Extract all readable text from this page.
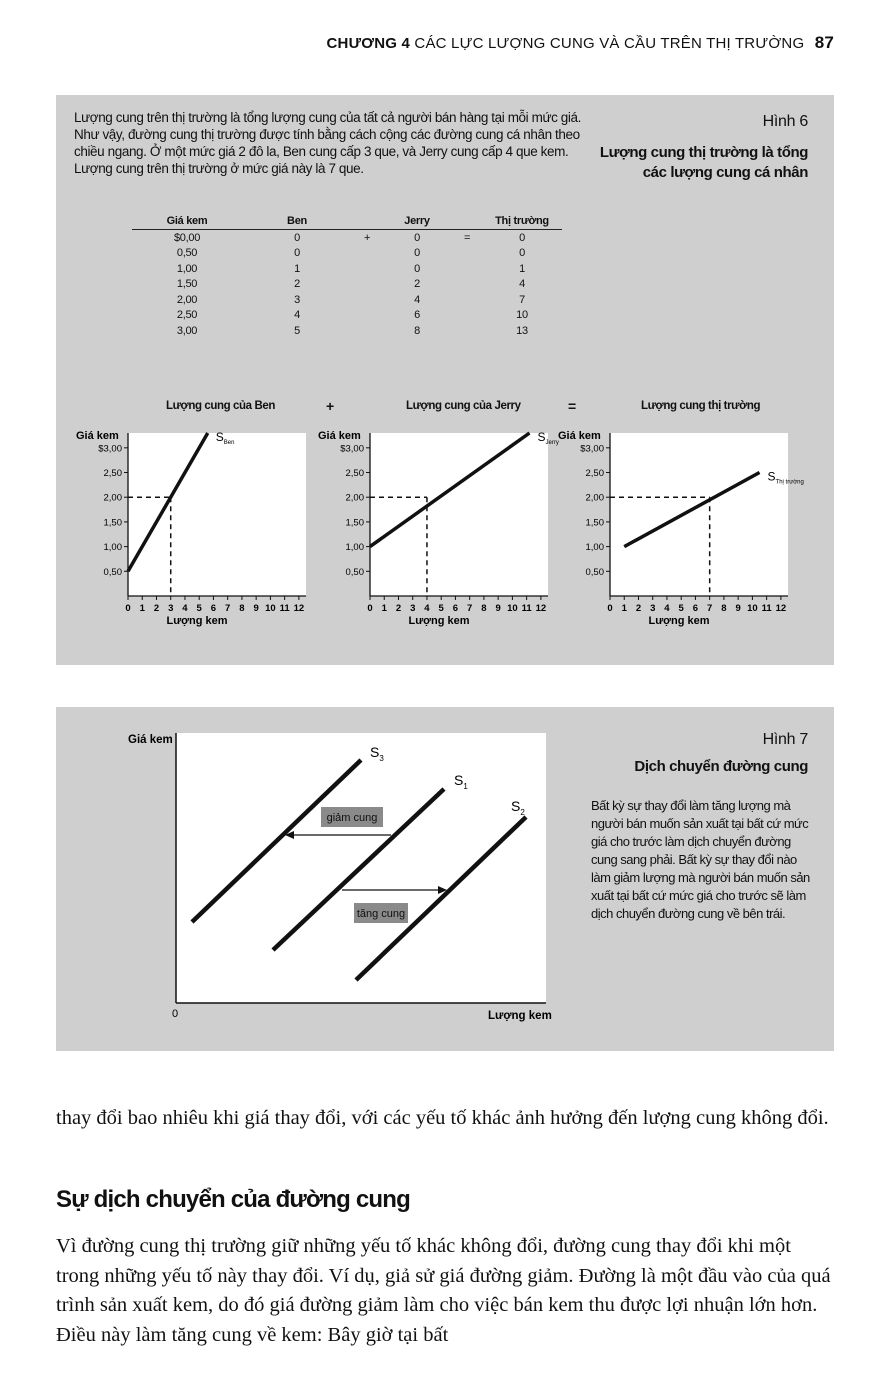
CHƯƠNG 4 CÁC LỰC LƯỢNG CUNG VÀ CẦU TRÊN THỊ TRƯỜNG 87
Lượng cung trên thị trường là tổng lượng cung của tất cả người bán hàng tại mỗi mức giá. Như vậy, đường cung thị trường được tính bằng cách cộng các đường cung cá nhân theo chiều ngang. Ở một mức giá 2 đô la, Ben cung cấp 3 que, và Jerry cung cấp 4 que kem. Lượng cung trên thị trường ở mức giá này là 7 que.
Hình 6
Lượng cung thị trường là tổng các lượng cung cá nhân
Giá kem	Ben		Jerry		Thị trường
$0,00	0	+	0	=	0
0,50	0		0		0
1,00	1		0		1
1,50	2		2		4
2,00	3		4		7
2,50	4		6		10
3,00	5		8		13
Lượng cung của Ben	+	Lượng cung của Jerry	=	Lượng cung thị trường
Giá kem
$3,00
2,50
2,00
1,50
1,00
0,50
0 1 2 3 4 5 6 7 8 9 10 11 12
Lượng kem
$S_{Ben}$
Giá kem
$3,00
2,50
2,00
1,50
1,00
0,50
0 1 2 3 4 5 6 7 8 9 10 11 12
Lượng kem
$S_{Jerry}$
Giá kem
$3,00
2,50
2,00
1,50
1,00
0,50
0 1 2 3 4 5 6 7 8 9 10 11 12
Lượng kem
$S_{Thị trường}$
Hình 7
Dịch chuyển đường cung
Bất kỳ sự thay đổi làm tăng lượng mà người bán muốn sản xuất tại bất cứ mức giá cho trước làm dịch chuyển đường cung sang phải. Bất kỳ sự thay đổi nào làm giảm lượng mà người bán muốn sản xuất tại bất cứ mức giá cho trước sẽ làm dịch chuyển đường cung về bên trái.
Giá kem
0	Lượng kem
$S_3$
$S_1$
$S_2$
giảm cung
tăng cung
thay đổi bao nhiêu khi giá thay đổi, với các yếu tố khác ảnh hưởng đến lượng cung không đổi.
Sự dịch chuyển của đường cung
Vì đường cung thị trường giữ những yếu tố khác không đổi, đường cung thay đổi khi một trong những yếu tố này thay đổi. Ví dụ, giả sử giá đường giảm. Đường là một đầu vào của quá trình sản xuất kem, do đó giá đường giảm làm cho việc bán kem thu được lợi nhuận lớn hơn. Điều này làm tăng cung về kem: Bây giờ tại bất
